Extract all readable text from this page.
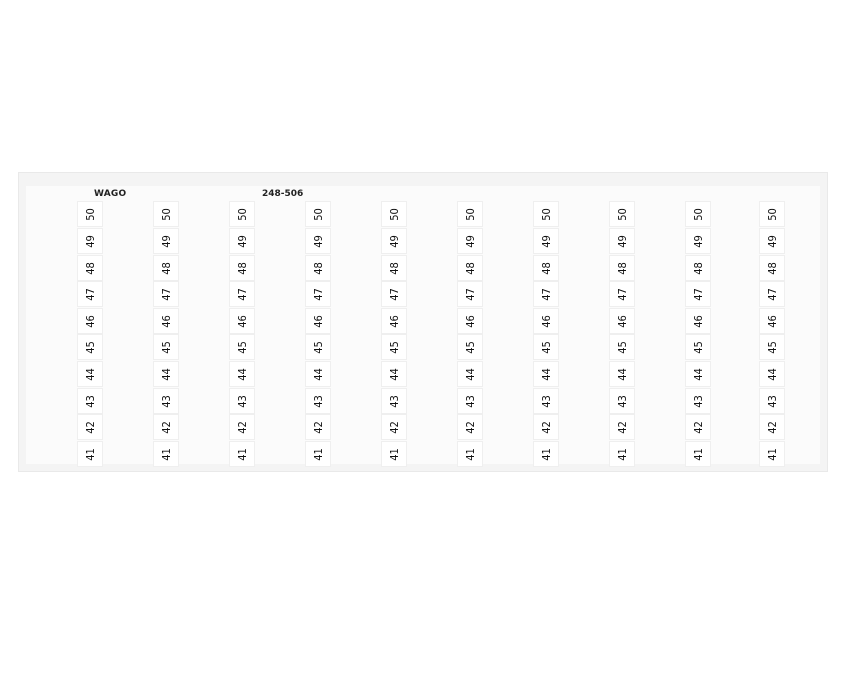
WAGO	248-506
50
49
48
47
46
45
44
43
42
41
50
49
48
47
46
45
44
43
42
41
50
49
48
47
46
45
44
43
42
41
50
49
48
47
46
45
44
43
42
41
50
49
48
47
46
45
44
43
42
41
50
49
48
47
46
45
44
43
42
41
50
49
48
47
46
45
44
43
42
41
50
49
48
47
46
45
44
43
42
41
50
49
48
47
46
45
44
43
42
41
50
49
48
47
46
45
44
43
42
41
